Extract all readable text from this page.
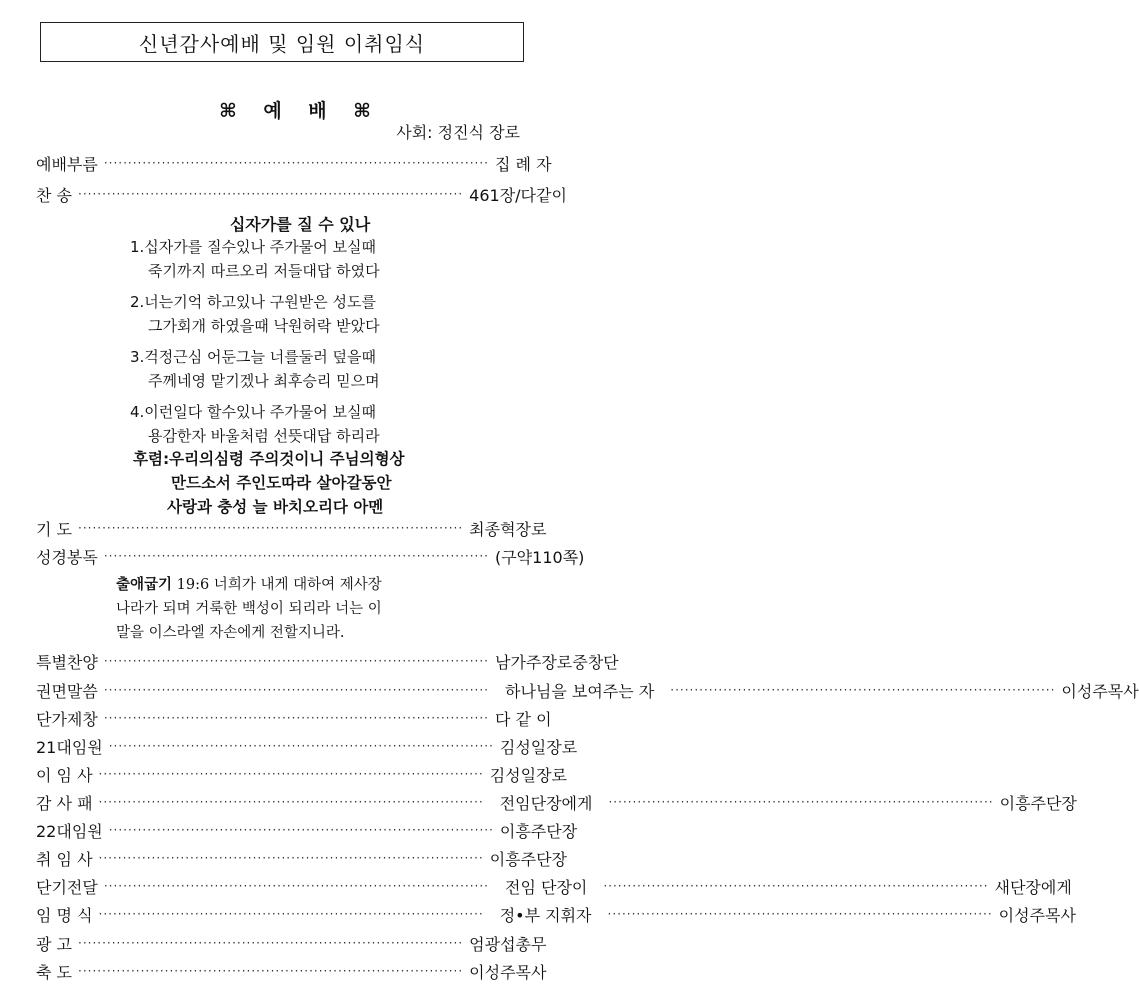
신년감사예배 및 임원 이취임식
⌘ 예 배 ⌘
사회: 정진식 장로
예배부름 ················································································ 집 례 자
찬 송 ················································································ 461장/다같이
기 도 ················································································ 최종혁장로
성경봉독 ················································································ (구약110쪽)
특별찬양 ················································································ 남가주장로중창단
권면말씀 ················································································	하나님을 보여주는 자	················································································ 이성주목사
단가제창 ················································································ 다 같 이
21대임원 ················································································ 김성일장로
이 임 사 ················································································ 김성일장로
감 사 패 ················································································	전임단장에게	················································································ 이흥주단장
22대임원 ················································································ 이흥주단장
취 임 사 ················································································ 이흥주단장
단기전달 ················································································	전임 단장이	················································································ 새단장에게
임 명 식 ················································································	정•부 지휘자	················································································ 이성주목사
광 고 ················································································ 엄광섭총무
축 도 ················································································ 이성주목사
십자가를 질 수 있나
1.십자가를 질수있나 주가물어 보실때
죽기까지 따르오리 저들대답 하였다
2.너는기억 하고있나 구원받은 성도를
그가회개 하였을때 낙원허락 받았다
3.걱정근심 어둔그늘 너를둘러 덮을때
주께네영 맡기겠나 최후승리 믿으며
4.이런일다 할수있나 주가물어 보실때
용감한자 바울처럼 선뜻대답 하리라
후렴:우리의심령 주의것이니 주님의형상
만드소서 주인도따라 살아갈동안
사랑과 충성 늘 바치오리다 아멘
출애굽기 19:6 너희가 내게 대하여 제사장
나라가 되며 거룩한 백성이 되리라 너는 이
말을 이스라엘 자손에게 전할지니라.
